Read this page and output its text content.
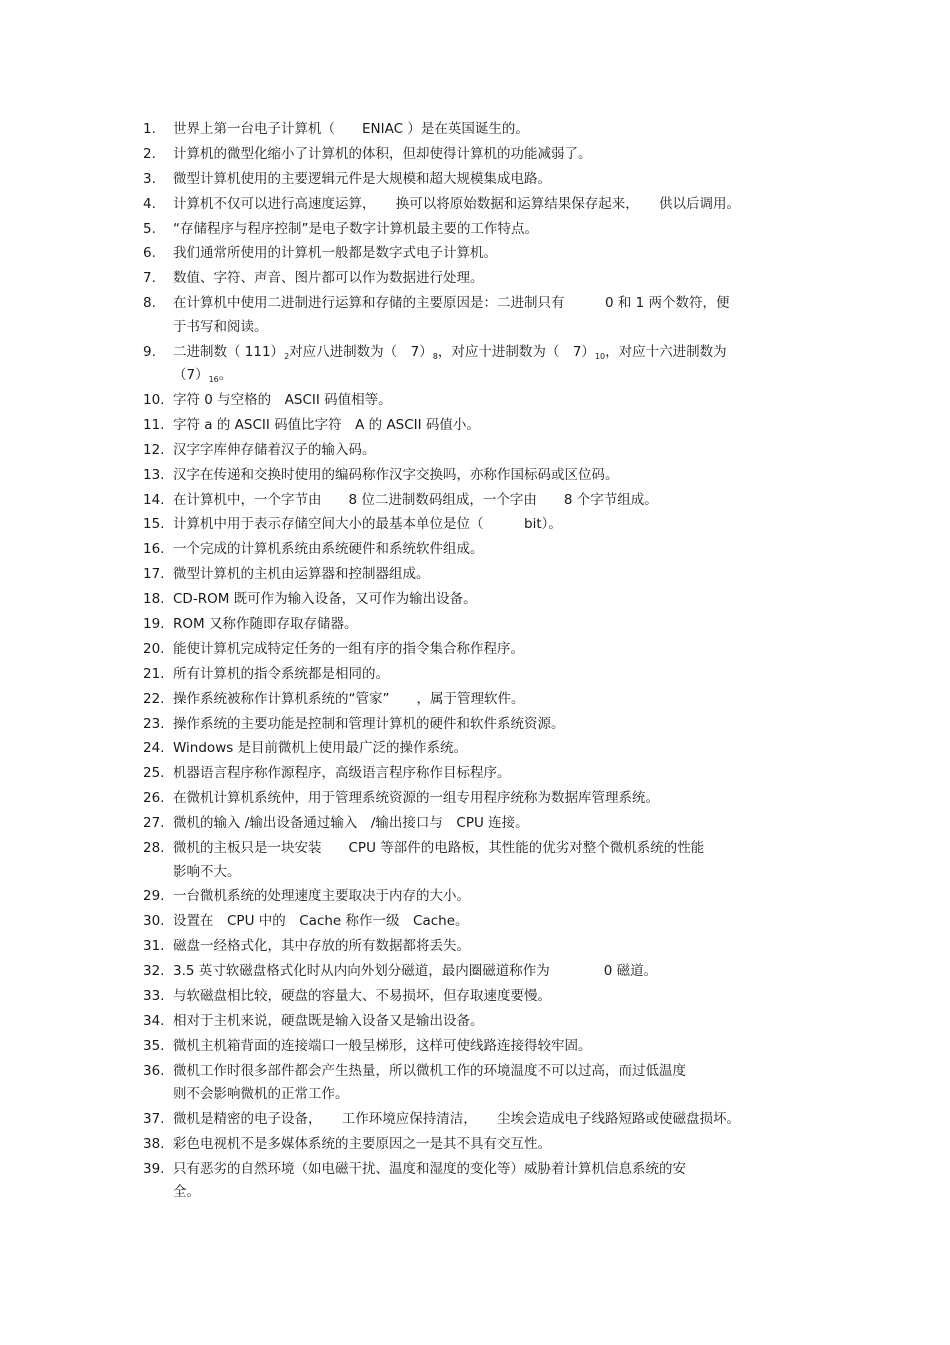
1.	世界上第一台电子计算机（　　ENIAC ）是在英国诞生的。
2.	计算机的微型化缩小了计算机的体积，但却使得计算机的功能减弱了。
3.	微型计算机使用的主要逻辑元件是大规模和超大规模集成电路。
4.	计算机不仅可以进行高速度运算，　　换可以将原始数据和运算结果保存起来，　　供以后调用。
5.	“存储程序与程序控制”是电子数字计算机最主要的工作特点。
6.	我们通常所使用的计算机一般都是数字式电子计算机。
7.	数值、字符、声音、图片都可以作为数据进行处理。
8.	在计算机中使用二进制进行运算和存储的主要原因是：二进制只有　　　0 和 1 两个数符，便
于书写和阅读。
9.	二进制数（ $111)_2$对应八进制数为（　$7)_8$，对应十进制数为（　$7)_{10}$，对应十六进制数为
$(7)_{16}$。
10. 字符 0 与空格的　ASCII 码值相等。
11. 字符 a 的 ASCII 码值比字符　A 的 ASCII 码值小。
12. 汉字字库伸存储着汉子的输入码。
13. 汉字在传递和交换时使用的编码称作汉字交换吗，亦称作国标码或区位码。
14. 在计算机中，一个字节由　　8 位二进制数码组成，一个字由　　8 个字节组成。
15. 计算机中用于表示存储空间大小的最基本单位是位（　　　bit）。
16. 一个完成的计算机系统由系统硬件和系统软件组成。
17. 微型计算机的主机由运算器和控制器组成。
18. CD-ROM 既可作为输入设备，又可作为输出设备。
19. ROM 又称作随即存取存储器。
20. 能使计算机完成特定任务的一组有序的指令集合称作程序。
21. 所有计算机的指令系统都是相同的。
22. 操作系统被称作计算机系统的“管家”　　，属于管理软件。
23. 操作系统的主要功能是控制和管理计算机的硬件和软件系统资源。
24. Windows 是目前微机上使用最广泛的操作系统。
25. 机器语言程序称作源程序，高级语言程序称作目标程序。
26. 在微机计算机系统仲，用于管理系统资源的一组专用程序统称为数据库管理系统。
27. 微机的输入 /输出设备通过输入　/输出接口与　CPU 连接。
28. 微机的主板只是一块安装　　CPU 等部件的电路板，其性能的优劣对整个微机系统的性能
影响不大。
29. 一台微机系统的处理速度主要取决于内存的大小。
30. 设置在　CPU 中的　Cache 称作一级　Cache。
31. 磁盘一经格式化，其中存放的所有数据都将丢失。
32. 3.5 英寸软磁盘格式化时从内向外划分磁道，最内圈磁道称作为　　　　0 磁道。
33. 与软磁盘相比较，硬盘的容量大、不易损坏，但存取速度要慢。
34. 相对于主机来说，硬盘既是输入设备又是输出设备。
35. 微机主机箱背面的连接端口一般呈梯形，这样可使线路连接得较牢固。
36. 微机工作时很多部件都会产生热量，所以微机工作的环境温度不可以过高，而过低温度
则不会影响微机的正常工作。
37. 微机是精密的电子设备，　　工作环境应保持清洁，　　尘埃会造成电子线路短路或使磁盘损坏。
38. 彩色电视机不是多媒体系统的主要原因之一是其不具有交互性。
39. 只有恶劣的自然环境（如电磁干扰、温度和湿度的变化等）威胁着计算机信息系统的安
全。
